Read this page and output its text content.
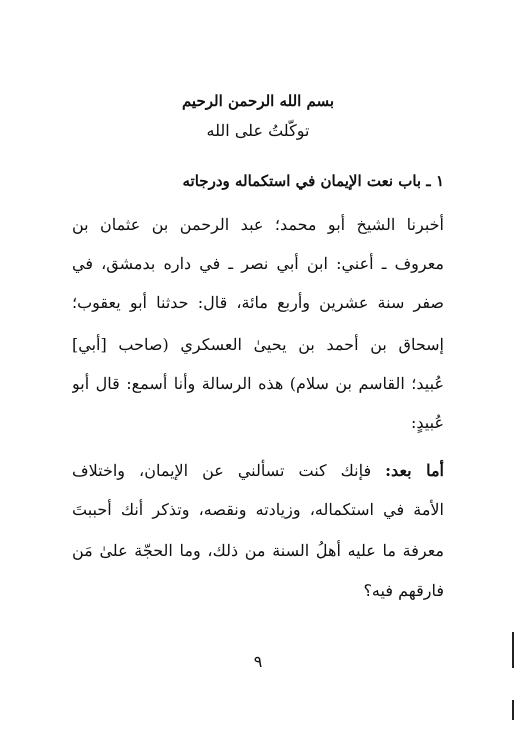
بسم الله الرحمن الرحيم
توكّلتُ على الله
١ ـ باب نعت الإيمان في استكماله ودرجاته
أخبرنا الشيخ أبو محمد؛ عبد الرحمن بن عثمان بن
معروف ـ أعني: ابن أبي نصر ـ في داره بدمشق، في
صفر سنة عشرين وأربع مائة، قال: حدثنا أبو يعقوب؛
إسحاق بن أحمد بن يحيىٰ العسكري (صاحب [أبي]
عُبيد؛ القاسم بن سلام) هذه الرسالة وأنا أسمع: قال أبو
عُبيدٍ:
أما بعد: فإنك كنت تسألني عن الإيمان، واختلاف
الأمة في استكماله، وزيادته ونقصه، وتذكر أنك أحببتَ
معرفة ما عليه أهلُ السنة من ذلك، وما الحجّة علىٰ مَن
فارقهم فيه؟
٩
